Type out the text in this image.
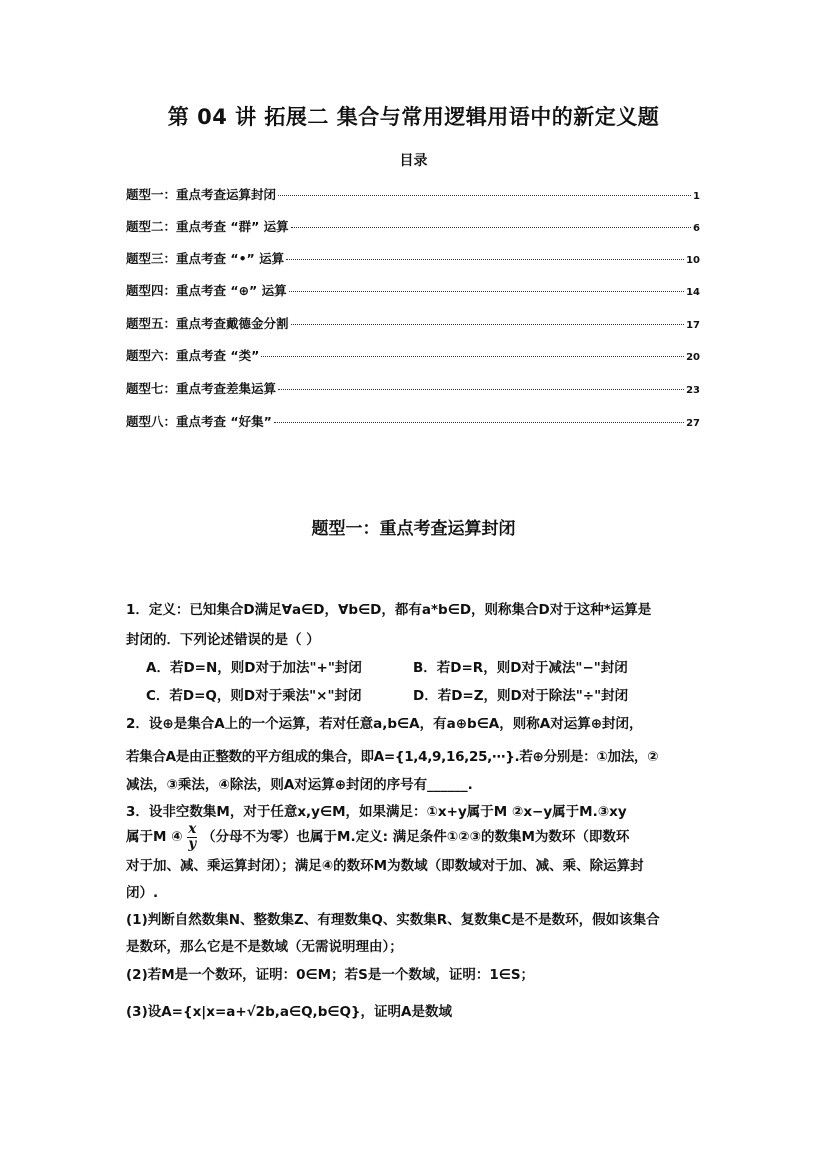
第 04 讲 拓展二 集合与常用逻辑用语中的新定义题
目录
题型一：重点考查运算封闭	1
题型二：重点考查 “群” 运算	6
题型三：重点考查 “•” 运算	10
题型四：重点考查 “⊕” 运算	14
题型五：重点考查戴德金分割	17
题型六：重点考查 “类”	20
题型七：重点考查差集运算	23
题型八：重点考查 “好集”	27
题型一：重点考查运算封闭
1．定义：已知集合D满足∀a∈D，∀b∈D，都有a*b∈D，则称集合D对于这种*运算是
封闭的．下列论述错误的是（ ）
A．若D=N，则D对于加法"+"封闭	B．若D=R，则D对于减法"−"封闭
C．若D=Q，则D对于乘法"×"封闭	D．若D=Z，则D对于除法"÷"封闭
2．设⊕是集合A上的一个运算，若对任意a,b∈A，有a⊕b∈A，则称A对运算⊕封闭，
若集合A是由正整数的平方组成的集合，即A={1,4,9,16,25,⋯}.若⊕分别是：①加法，②
减法，③乘法，④除法，则A对运算⊕封闭的序号有______.
3．设非空数集M，对于任意x,y∈M，如果满足：①x+y属于M ②x−y属于M.③xy
属于M ④ $\frac{x}{y}$ （分母不为零）也属于M.定义: 满足条件①②③的数集M为数环（即数环
对于加、减、乘运算封闭）；满足④的数环M为数域（即数域对于加、减、乘、除运算封
闭）.
(1)判断自然数集N、整数集Z、有理数集Q、实数集R、复数集C是不是数环，假如该集合
是数环，那么它是不是数域（无需说明理由）；
(2)若M是一个数环，证明：0∈M；若S是一个数域，证明：1∈S；
(3)设A={x|x=a+√2b,a∈Q,b∈Q}，证明A是数域
